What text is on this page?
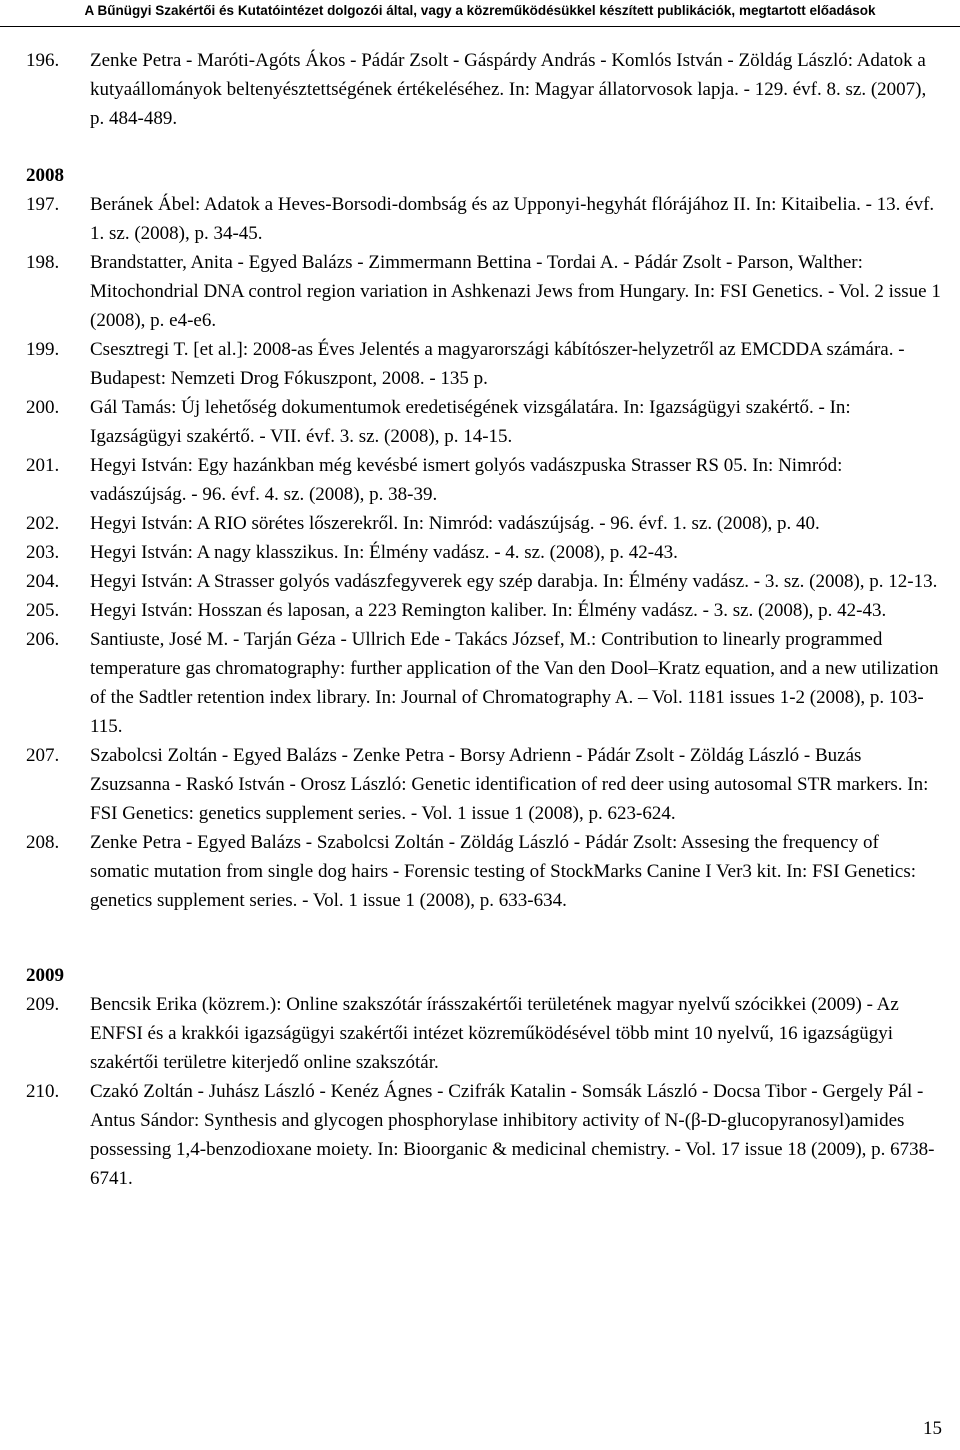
A Bűnügyi Szakértői és Kutatóintézet dolgozói által, vagy a közreműködésükkel készített publikációk, megtartott előadások
196.	Zenke Petra - Maróti-Agóts Ákos - Pádár Zsolt - Gáspárdy András - Komlós István - Zöldág László: Adatok a kutyaállományok beltenyésztettségének értékeléséhez. In: Magyar állatorvosok lapja. - 129. évf. 8. sz. (2007), p. 484-489.
2008
197.	Beránek Ábel: Adatok a Heves-Borsodi-dombság és az Upponyi-hegyhát flórájához II. In: Kitaibelia. - 13. évf. 1. sz. (2008), p. 34-45.
198.	Brandstatter, Anita - Egyed Balázs - Zimmermann Bettina - Tordai A. - Pádár Zsolt - Parson, Walther: Mitochondrial DNA control region variation in Ashkenazi Jews from Hungary. In: FSI Genetics. - Vol. 2 issue 1 (2008), p. e4-e6.
199.	Csesztregi T. [et al.]: 2008-as Éves Jelentés a magyarországi kábítószer-helyzetről az EMCDDA számára. - Budapest: Nemzeti Drog Fókuszpont, 2008. - 135 p.
200.	Gál Tamás: Új lehetőség dokumentumok eredetiségének vizsgálatára. In: Igazságügyi szakértő. - In: Igazságügyi szakértő. - VII. évf. 3. sz. (2008), p. 14-15.
201.	Hegyi István: Egy hazánkban még kevésbé ismert golyós vadászpuska Strasser RS 05. In: Nimród: vadászújság. - 96. évf. 4. sz. (2008), p. 38-39.
202.	Hegyi István: A RIO sörétes lőszerekről. In: Nimród: vadászújság. - 96. évf. 1. sz. (2008), p. 40.
203.	Hegyi István: A nagy klasszikus. In: Élmény vadász. - 4. sz. (2008), p. 42-43.
204.	Hegyi István: A Strasser golyós vadászfegyverek egy szép darabja. In: Élmény vadász. - 3. sz. (2008), p. 12-13.
205.	Hegyi István: Hosszan és laposan, a 223 Remington kaliber. In: Élmény vadász. - 3. sz. (2008), p. 42-43.
206.	Santiuste, José M. - Tarján Géza - Ullrich Ede - Takács József, M.: Contribution to linearly programmed temperature gas chromatography: further application of the Van den Dool–Kratz equation, and a new utilization of the Sadtler retention index library. In: Journal of Chromatography A. – Vol. 1181 issues 1-2 (2008), p. 103-115.
207.	Szabolcsi Zoltán - Egyed Balázs - Zenke Petra - Borsy Adrienn - Pádár Zsolt - Zöldág László - Buzás Zsuzsanna - Raskó István - Orosz László: Genetic identification of red deer using autosomal STR markers. In: FSI Genetics: genetics supplement series. - Vol. 1 issue 1 (2008), p. 623-624.
208.	Zenke Petra - Egyed Balázs - Szabolcsi Zoltán - Zöldág László - Pádár Zsolt: Assesing the frequency of somatic mutation from single dog hairs - Forensic testing of StockMarks Canine I Ver3 kit. In: FSI Genetics: genetics supplement series. - Vol. 1 issue 1 (2008), p. 633-634.
2009
209.	Bencsik Erika (közrem.): Online szakszótár írásszakértői területének magyar nyelvű szócikkei (2009) - Az ENFSI és a krakkói igazságügyi szakértői intézet közreműködésével több mint 10 nyelvű, 16 igazságügyi szakértői területre kiterjedő online szakszótár.
210.	Czakó Zoltán - Juhász László - Kenéz Ágnes - Czifrák Katalin - Somsák László - Docsa Tibor - Gergely Pál - Antus Sándor: Synthesis and glycogen phosphorylase inhibitory activity of N-(β-D-glucopyranosyl)amides possessing 1,4-benzodioxane moiety. In: Bioorganic & medicinal chemistry. - Vol. 17 issue 18 (2009), p. 6738-6741.
15
